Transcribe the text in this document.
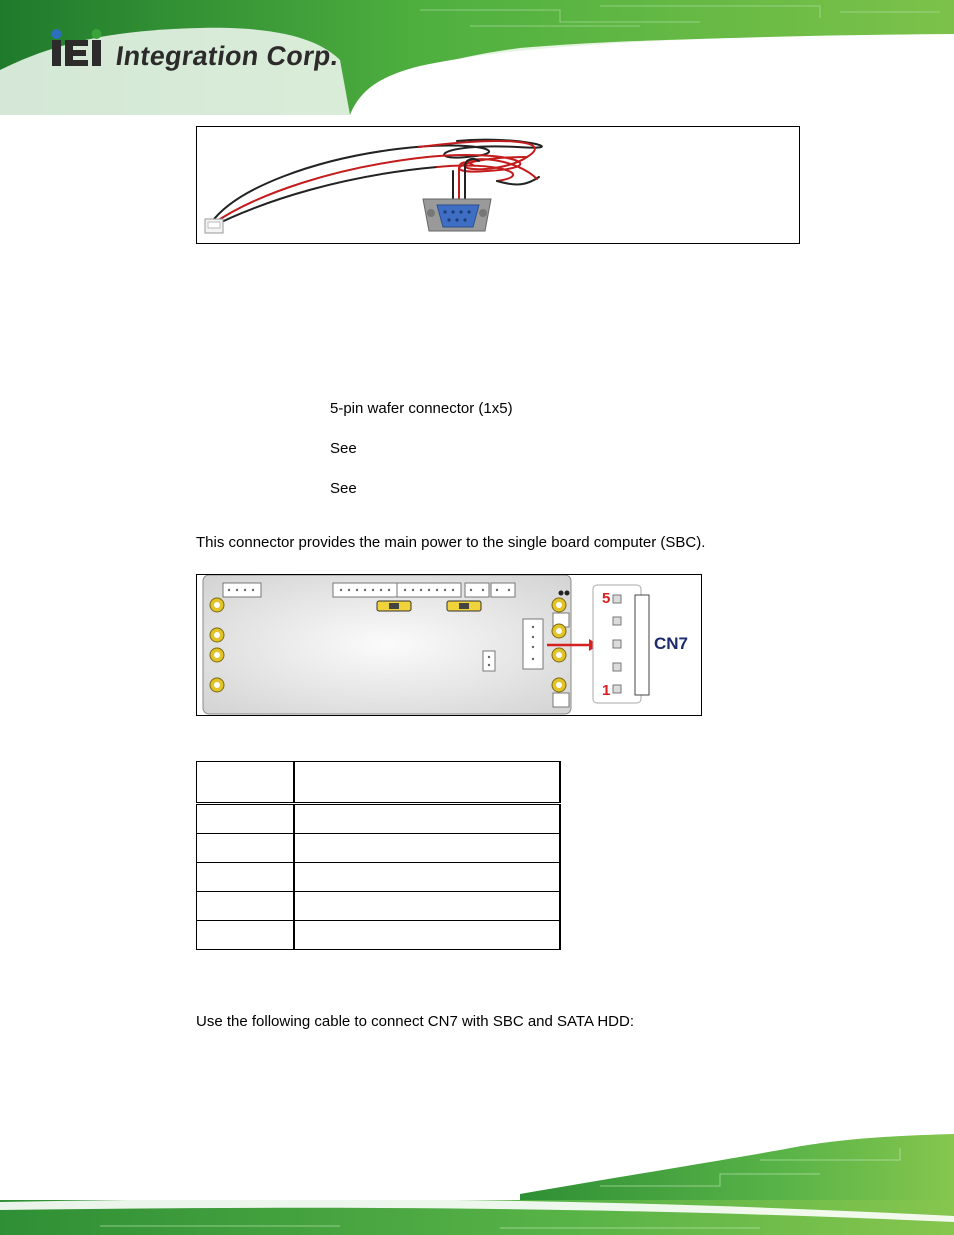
Integration Corp.
5-pin wafer connector (1x5)
See
See
This connector provides the main power to the single board computer (SBC).
5
1
CN7

Use the following cable to connect CN7 with SBC and SATA HDD:
